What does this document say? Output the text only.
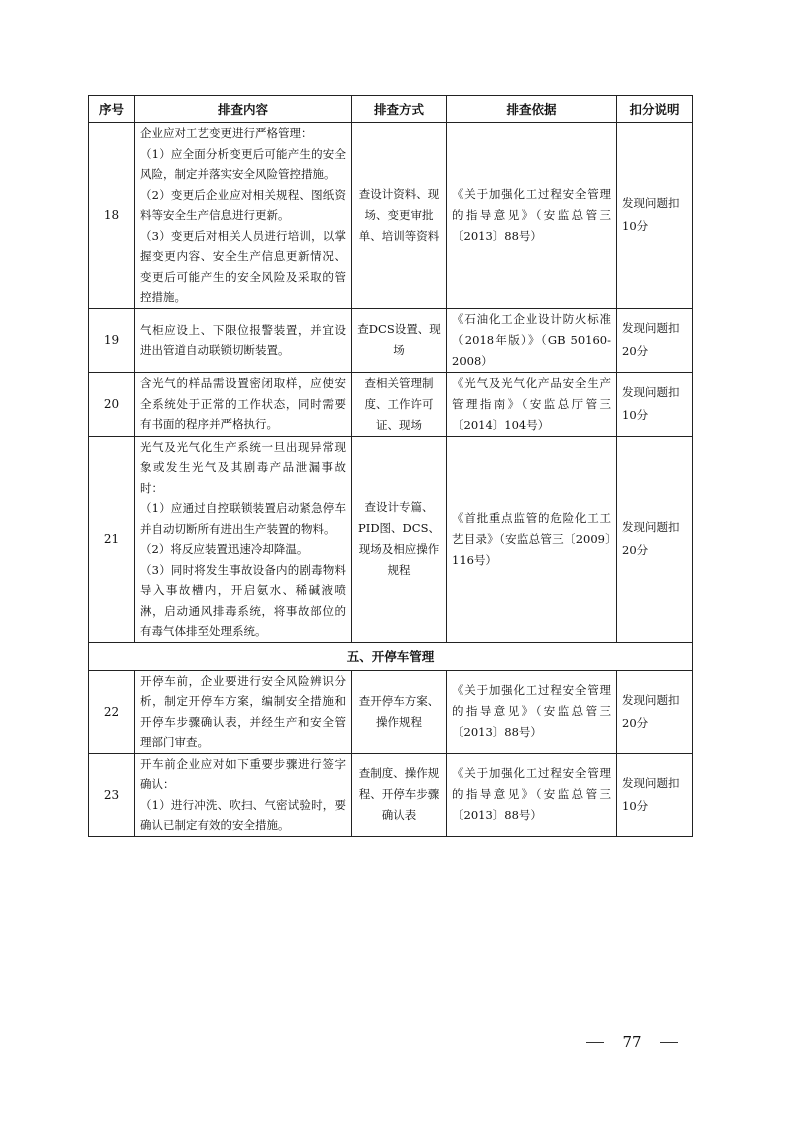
序号	排查内容	排查方式	排查依据	扣分说明
18	企业应对工艺变更进行严格管理：
（1）应全面分析变更后可能产生的安全风险，制定并落实安全风险管控措施。
（2）变更后企业应对相关规程、图纸资料等安全生产信息进行更新。
（3）变更后对相关人员进行培训，以掌握变更内容、安全生产信息更新情况、变更后可能产生的安全风险及采取的管控措施。	查设计资料、现场、变更审批单、培训等资料	《关于加强化工过程安全管理的指导意见》（安监总管三〔2013〕88号）	发现问题扣10分
19	气柜应设上、下限位报警装置，并宜设进出管道自动联锁切断装置。	查DCS设置、现场	《石油化工企业设计防火标准（2018年版）》（GB 50160-2008）	发现问题扣20分
20	含光气的样品需设置密闭取样，应使安全系统处于正常的工作状态，同时需要有书面的程序并严格执行。	查相关管理制度、工作许可证、现场	《光气及光气化产品安全生产管理指南》（安监总厅管三〔2014〕104号）	发现问题扣10分
21	光气及光气化生产系统一旦出现异常现象或发生光气及其剧毒产品泄漏事故时：
（1）应通过自控联锁装置启动紧急停车并自动切断所有进出生产装置的物料。
（2）将反应装置迅速冷却降温。
（3）同时将发生事故设备内的剧毒物料导入事故槽内，开启氨水、稀碱液喷淋，启动通风排毒系统，将事故部位的有毒气体排至处理系统。	查设计专篇、PID图、DCS、现场及相应操作规程	《首批重点监管的危险化工工艺目录》（安监总管三〔2009〕116号）	发现问题扣20分
五、开停车管理				
22	开停车前，企业要进行安全风险辨识分析，制定开停车方案，编制安全措施和开停车步骤确认表，并经生产和安全管理部门审查。	查开停车方案、操作规程	《关于加强化工过程安全管理的指导意见》（安监总管三〔2013〕88号）	发现问题扣20分
23	开车前企业应对如下重要步骤进行签字确认：
（1）进行冲洗、吹扫、气密试验时，要确认已制定有效的安全措施。	查制度、操作规程、开停车步骤确认表	《关于加强化工过程安全管理的指导意见》（安监总管三〔2013〕88号）	发现问题扣10分
77
